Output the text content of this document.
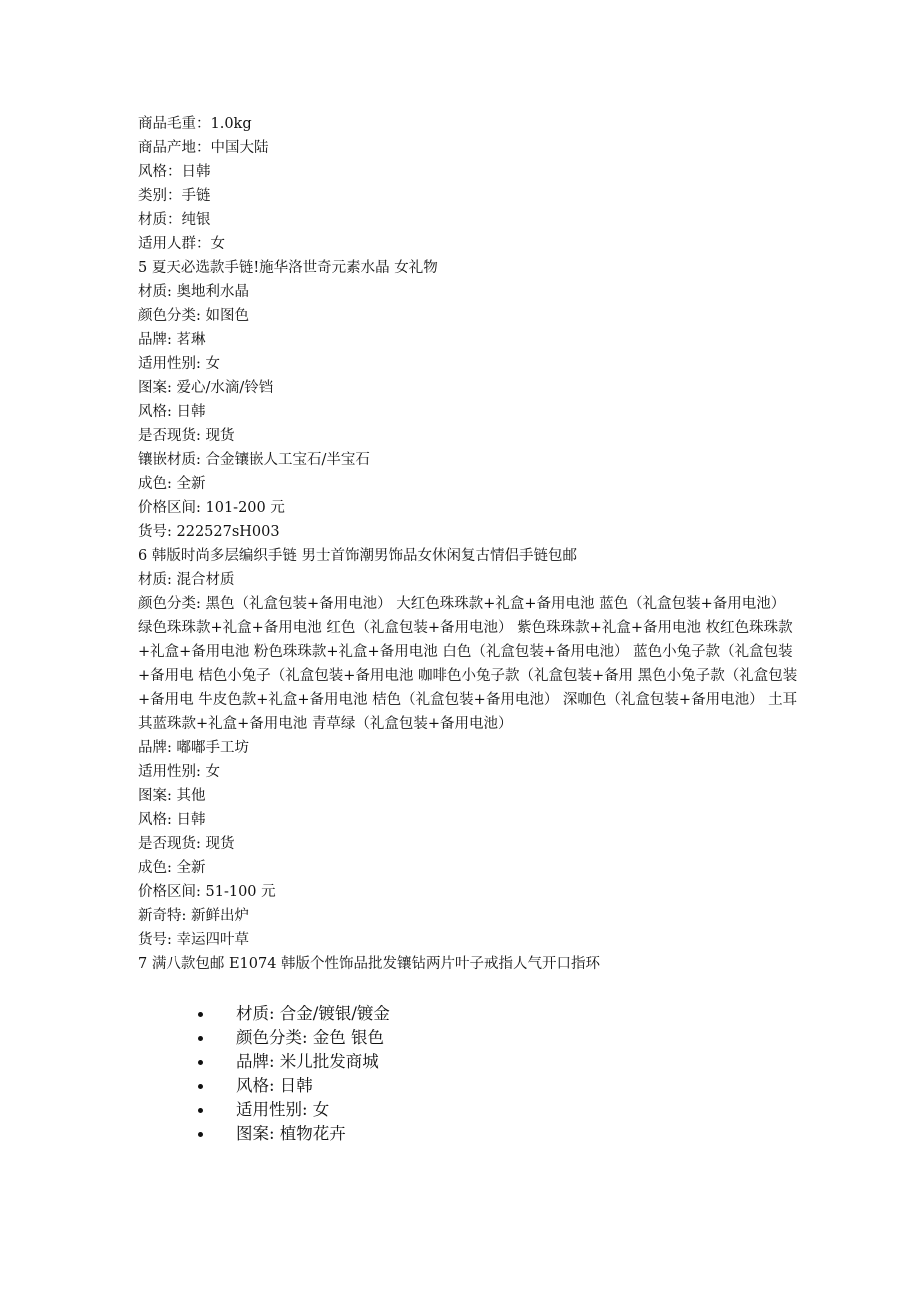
商品毛重：1.0kg
商品产地：中国大陆
风格：日韩
类别：手链
材质：纯银
适用人群：女
5 夏天必选款手链!施华洛世奇元素水晶 女礼物
材质: 奥地利水晶
颜色分类: 如图色
品牌: 茗琳
适用性别: 女
图案: 爱心/水滴/铃铛
风格: 日韩
是否现货: 现货
镶嵌材质: 合金镶嵌人工宝石/半宝石
成色: 全新
价格区间: 101-200 元
货号: 222527sH003
6 韩版时尚多层编织手链 男士首饰潮男饰品女休闲复古情侣手链包邮
材质: 混合材质
颜色分类: 黑色（礼盒包装+备用电池） 大红色珠珠款+礼盒+备用电池 蓝色（礼盒包装+备用电池） 绿色珠珠款+礼盒+备用电池 红色（礼盒包装+备用电池） 紫色珠珠款+礼盒+备用电池 枚红色珠珠款+礼盒+备用电池 粉色珠珠款+礼盒+备用电池 白色（礼盒包装+备用电池） 蓝色小兔子款（礼盒包装+备用电 桔色小兔子（礼盒包装+备用电池 咖啡色小兔子款（礼盒包装+备用 黑色小兔子款（礼盒包装+备用电 牛皮色款+礼盒+备用电池 桔色（礼盒包装+备用电池） 深咖色（礼盒包装+备用电池） 土耳其蓝珠款+礼盒+备用电池 青草绿（礼盒包装+备用电池）
品牌: 嘟嘟手工坊
适用性别: 女
图案: 其他
风格: 日韩
是否现货: 现货
成色: 全新
价格区间: 51-100 元
新奇特: 新鲜出炉
货号: 幸运四叶草
7 满八款包邮 E1074 韩版个性饰品批发镶钻两片叶子戒指人气开口指环
材质: 合金/镀银/镀金
颜色分类: 金色 银色
品牌: 米儿批发商城
风格: 日韩
适用性别: 女
图案: 植物花卉
